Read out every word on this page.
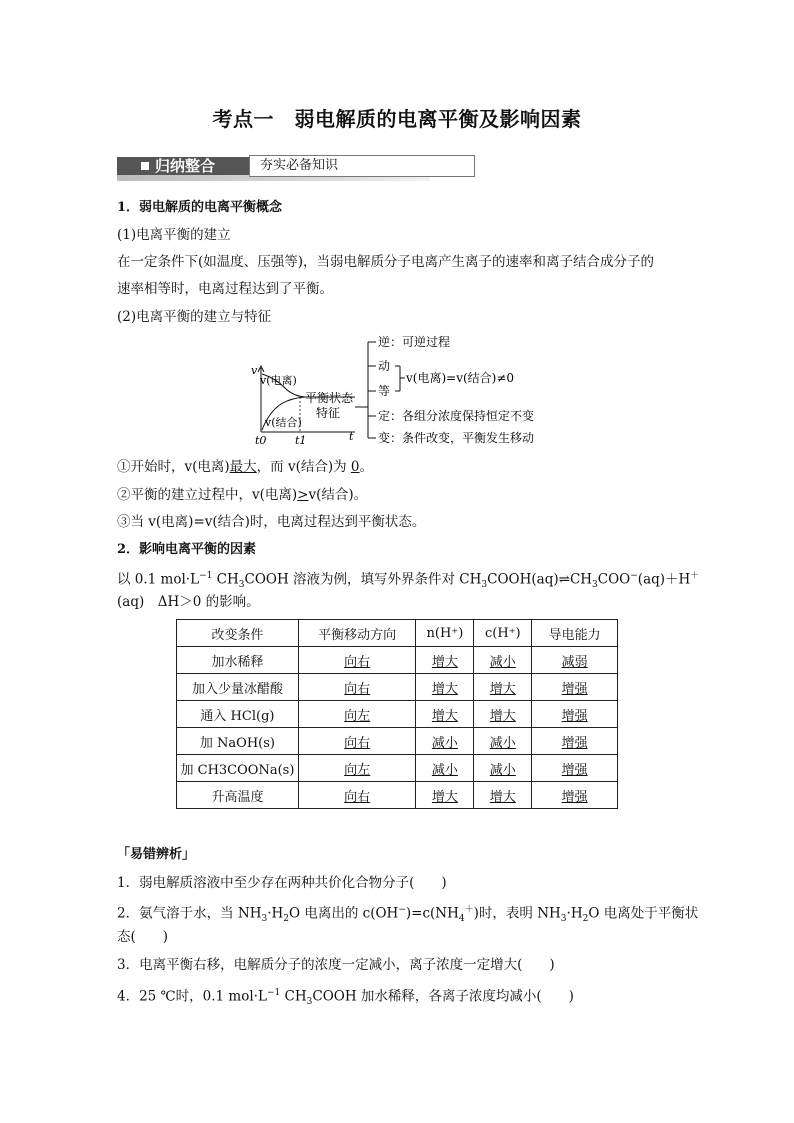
考点一　弱电解质的电离平衡及影响因素
归纳整合	夯实必备知识
1．弱电解质的电离平衡概念
(1)电离平衡的建立
在一定条件下(如温度、压强等)，当弱电解质分子电离产生离子的速率和离子结合成分子的
速率相等时，电离过程达到了平衡。
(2)电离平衡的建立与特征
v
t
t0	t1
v(电离)
v(结合)
平衡状态
特征
逆：可逆过程
动
等
v(电离)=v(结合)≠0
定：各组分浓度保持恒定不变
变：条件改变，平衡发生移动
①开始时，v(电离)最大，而 v(结合)为 0。
②平衡的建立过程中，v(电离)>v(结合)。
③当 v(电离)=v(结合)时，电离过程达到平衡状态。
2．影响电离平衡的因素
以 0.1 $mol\cdot L^{-1}$ $CH_3COOH$ 溶液为例，填写外界条件对 $CH_3COOH(aq)\rightleftharpoons CH_3COO^-(aq)+H^+$
(aq)　ΔH＞0 的影响。
改变条件	平衡移动方向	n(H⁺)	c(H⁺)	导电能力
加水稀释	向右	增大	减小	减弱
加入少量冰醋酸	向右	增大	增大	增强
通入 HCl(g)	向左	增大	增大	增强
加 NaOH(s)	向右	减小	减小	增强
加 CH3COONa(s)	向左	减小	减小	增强
升高温度	向右	增大	增大	增强
「易错辨析」
1．弱电解质溶液中至少存在两种共价化合物分子(　　)
2．氨气溶于水，当 $NH_3\cdot H_2O$ 电离出的 $c(OH^-)=c(NH_4^+)$时，表明 $NH_3\cdot H_2O$ 电离处于平衡状
态(　　)
3．电离平衡右移，电解质分子的浓度一定减小，离子浓度一定增大(　　)
4．25 ℃时，0.1 $mol\cdot L^{-1}$ $CH_3COOH$ 加水稀释，各离子浓度均减小(　　)
